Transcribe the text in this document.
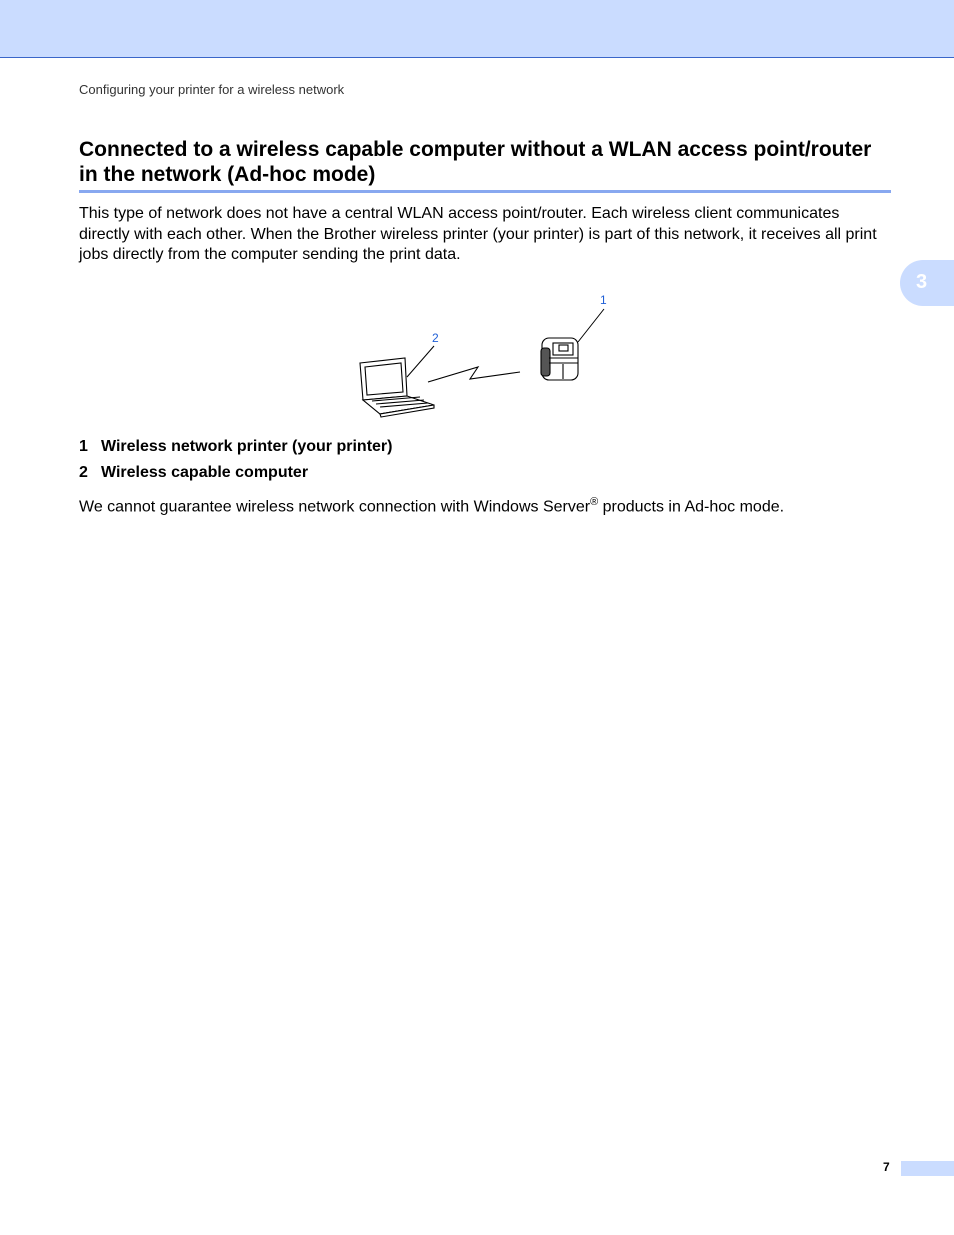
Configuring your printer for a wireless network
3
Connected to a wireless capable computer without a WLAN access point/router in the network (Ad-hoc mode)

This type of network does not have a central WLAN access point/router. Each wireless client communicates directly with each other. When the Brother wireless printer (your printer) is part of this network, it receives all print jobs directly from the computer sending the print data.

1
2
1 Wireless network printer (your printer)
2 Wireless capable computer

We cannot guarantee wireless network connection with Windows Server® products in Ad-hoc mode.

7
